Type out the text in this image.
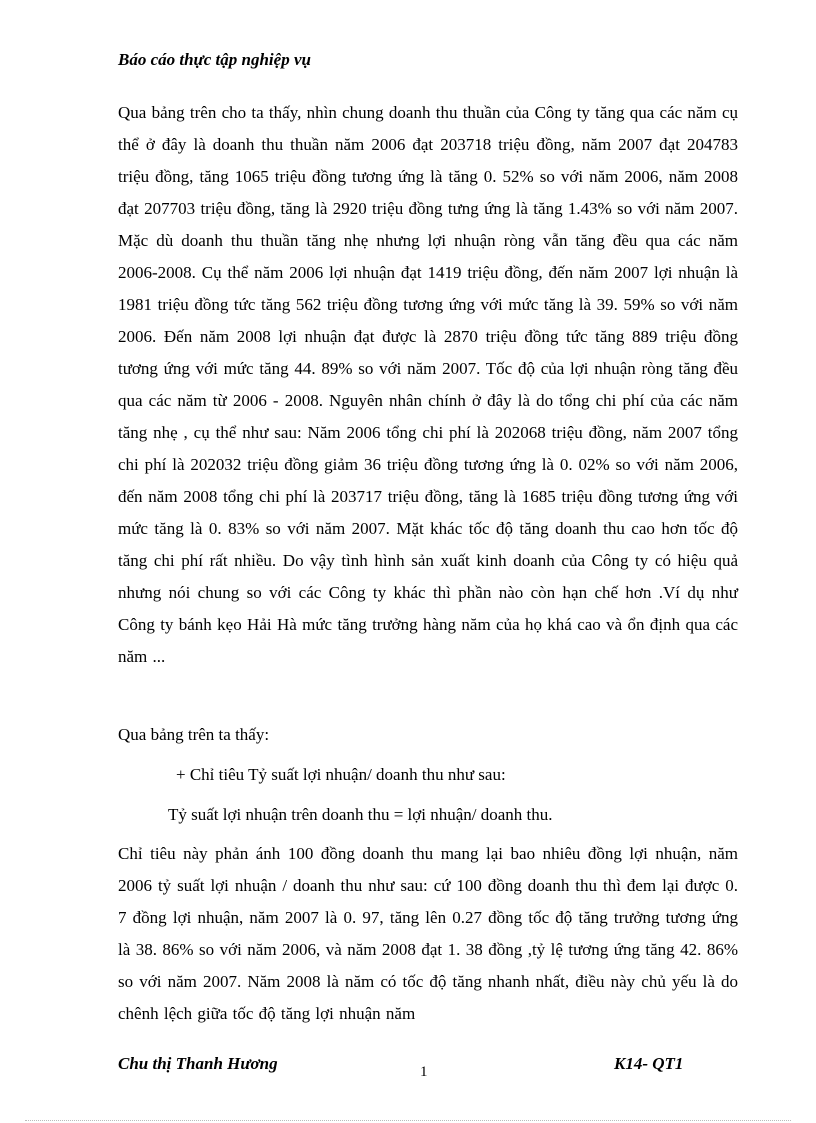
Báo cáo thực tập nghiệp vụ
Qua bảng trên cho ta thấy, nhìn chung doanh thu thuần của Công ty tăng qua các năm cụ thể ở đây là doanh thu thuần năm 2006 đạt 203718 triệu đồng, năm 2007 đạt 204783 triệu đồng, tăng 1065 triệu đồng tương ứng là tăng 0. 52% so với năm 2006, năm 2008 đạt 207703 triệu đồng, tăng là 2920 triệu đồng tưng ứng là tăng 1.43% so với năm 2007. Mặc dù doanh thu thuần tăng nhẹ nhưng lợi nhuận ròng vẫn tăng đều qua các năm 2006-2008. Cụ thể năm 2006 lợi nhuận đạt 1419 triệu đồng, đến năm 2007 lợi nhuận là 1981 triệu đồng tức tăng 562 triệu đồng tương ứng với mức tăng là 39. 59% so với năm 2006. Đến năm 2008 lợi nhuận đạt được là 2870 triệu đồng tức tăng 889 triệu đồng tương ứng với mức tăng 44. 89% so với năm 2007. Tốc độ của lợi nhuận ròng tăng đều qua các năm từ 2006 - 2008. Nguyên nhân chính ở đây là do tổng chi phí của các năm tăng nhẹ , cụ thể như sau: Năm 2006 tổng chi phí là 202068 triệu đồng, năm 2007 tổng chi phí là 202032 triệu đồng giảm 36 triệu đồng tương ứng là 0. 02% so với năm 2006, đến năm 2008 tổng chi phí là 203717 triệu đồng, tăng là 1685 triệu đồng tương ứng với mức tăng là 0. 83% so với năm 2007. Mặt khác tốc độ tăng doanh thu cao hơn tốc độ tăng chi phí rất nhiều. Do vậy tình hình sản xuất kinh doanh của Công ty có hiệu quả nhưng nói chung so với các Công ty khác thì phần nào còn hạn chế hơn .Ví dụ như Công ty bánh kẹo Hải Hà mức tăng trưởng hàng năm của họ khá cao và ổn định qua các năm ...
Qua bảng trên ta thấy:
+ Chỉ tiêu Tỷ suất lợi nhuận/ doanh thu như sau:
Tỷ suất lợi nhuận trên doanh thu = lợi nhuận/ doanh thu.
Chỉ tiêu này phản ánh 100 đồng doanh thu mang lại bao nhiêu đồng lợi nhuận, năm 2006 tỷ suất lợi nhuận / doanh thu như sau: cứ 100 đồng doanh thu thì đem lại được 0. 7 đồng lợi nhuận, năm 2007 là 0. 97, tăng lên 0.27 đồng tốc độ tăng trưởng tương ứng là 38. 86% so với năm 2006, và năm 2008 đạt 1. 38 đồng ,tỷ lệ tương ứng tăng 42. 86% so với năm 2007. Năm 2008 là năm có tốc độ tăng nhanh nhất, điều này chủ yếu là do chênh lệch giữa tốc độ tăng lợi nhuận năm
Chu thị Thanh Hương	1	K14- QT1
